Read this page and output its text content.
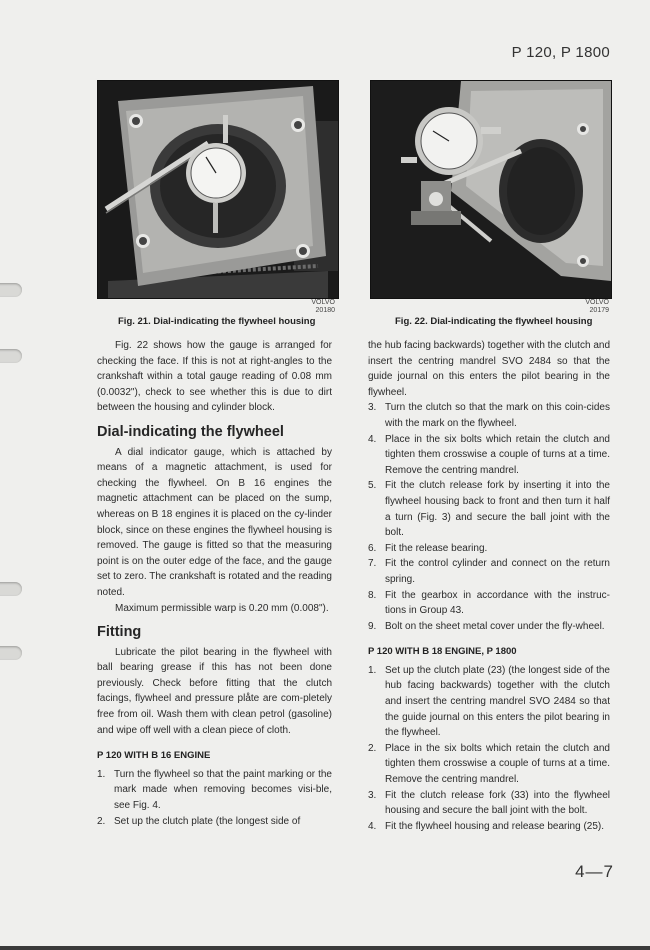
P 120, P 1800
VOLVO
20180
VOLVO
20179
Fig. 21. Dial-indicating the flywheel housing	Fig. 22. Dial-indicating the flywheel housing

Fig. 22 shows how the gauge is arranged for checking the face. If this is not at right-angles to the crankshaft within a total gauge reading of 0.08 mm (0.0032"), check to see whether this is due to dirt between the housing and cylinder block.

Dial-indicating the flywheel

A dial indicator gauge, which is attached by means of a magnetic attachment, is used for checking the flywheel. On B 16 engines the magnetic attachment can be placed on the sump, whereas on B 18 engines it is placed on the cy-linder block, since on these engines the flywheel housing is removed. The gauge is fitted so that the measuring point is on the outer edge of the face, and the gauge set to zero. The crankshaft is rotated and the reading noted.

Maximum permissible warp is 0.20 mm (0.008").

Fitting

Lubricate the pilot bearing in the flywheel with ball bearing grease if this has not been done previously. Check before fitting that the clutch facings, flywheel and pressure plåte are com-pletely free from oil. Wash them with clean petrol (gasoline) and wipe off well with a clean piece of cloth.

P 120 WITH B 16 ENGINE
1. Turn the flywheel so that the paint marking or the mark made when removing becomes visi-ble, see Fig. 4.
2. Set up the clutch plate (the longest side of

the hub facing backwards) together with the clutch and insert the centring mandrel SVO 2484 so that the guide journal on this enters the pilot bearing in the flywheel.

3. Turn the clutch so that the mark on this coin-cides with the mark on the flywheel.
4. Place in the six bolts which retain the clutch and tighten them crosswise a couple of turns at a time. Remove the centring mandrel.
5. Fit the clutch release fork by inserting it into the flywheel housing back to front and then turn it half a turn (Fig. 3) and secure the ball joint with the bolt.
6. Fit the release bearing.
7. Fit the control cylinder and connect on the return spring.
8. Fit the gearbox in accordance with the instruc-tions in Group 43.
9. Bolt on the sheet metal cover under the fly-wheel.
P 120 WITH B 18 ENGINE, P 1800
1. Set up the clutch plate (23) (the longest side of the hub facing backwards) together with the clutch and insert the centring mandrel SVO 2484 so that the guide journal on this enters the pilot bearing in the flywheel.
2. Place in the six bolts which retain the clutch and tighten them crosswise a couple of turns at a time. Remove the centring mandrel.
3. Fit the clutch release fork (33) into the flywheel housing and secure the ball joint with the bolt.
4. Fit the flywheel housing and release bearing (25).
4—7
